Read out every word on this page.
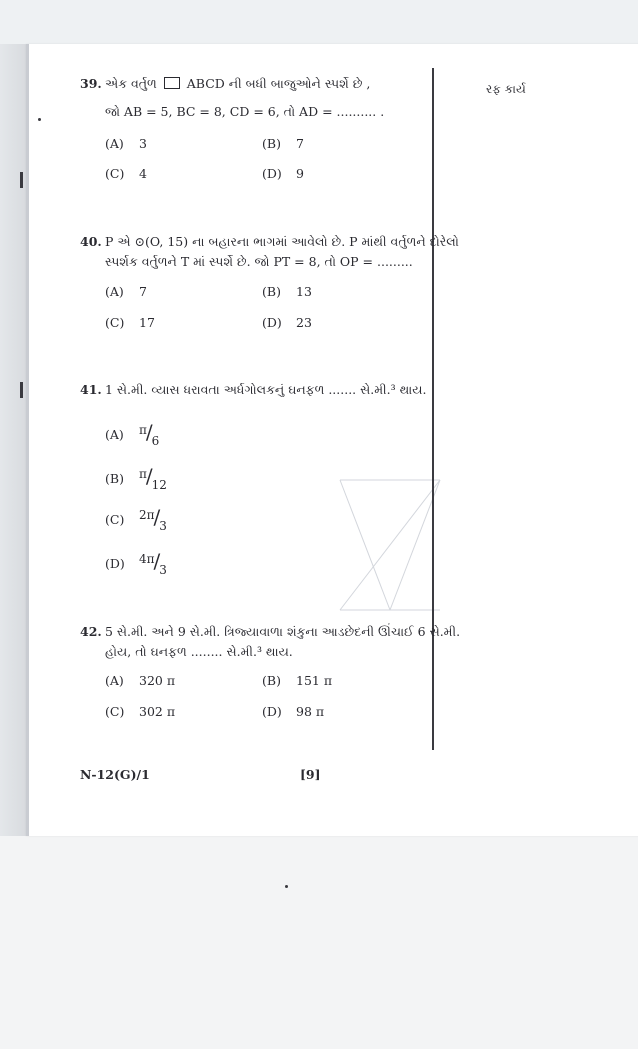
રફ કાર્ય
39. એક વર્તુળ ABCD ની બધી બાજુઓને સ્પર્શે છે ,
જો AB = 5, BC = 8, CD = 6, તો AD = .......... .
(A) 3	(B) 7
(C) 4	(D) 9
40. P એ ⊙(O, 15) ના બહારના ભાગમાં આવેલો છે. P માંથી વર્તુળને દોરેલો
સ્પર્શક વર્તુળને T માં સ્પર્શે છે. જો PT = 8, તો OP = .........
(A) 7	(B) 13
(C) 17	(D) 23
41. 1 સે.મી. વ્યાસ ધરાવતા અર્ધગોલકનું ઘનફળ ....... સે.મી.³ થાય.
(A) π/6
(B) π/12
(C) 2π/3
(D) 4π/3
42. 5 સે.મી. અને 9 સે.મી. ત્રિજ્યાવાળા શંકુના આડછેદની ઊંચાઈ 6 સે.મી.
હોય, તો ઘનફળ ........ સે.મી.³ થાય.
(A) 320 π	(B) 151 π
(C) 302 π	(D) 98 π
N-12(G)/1	[9]
